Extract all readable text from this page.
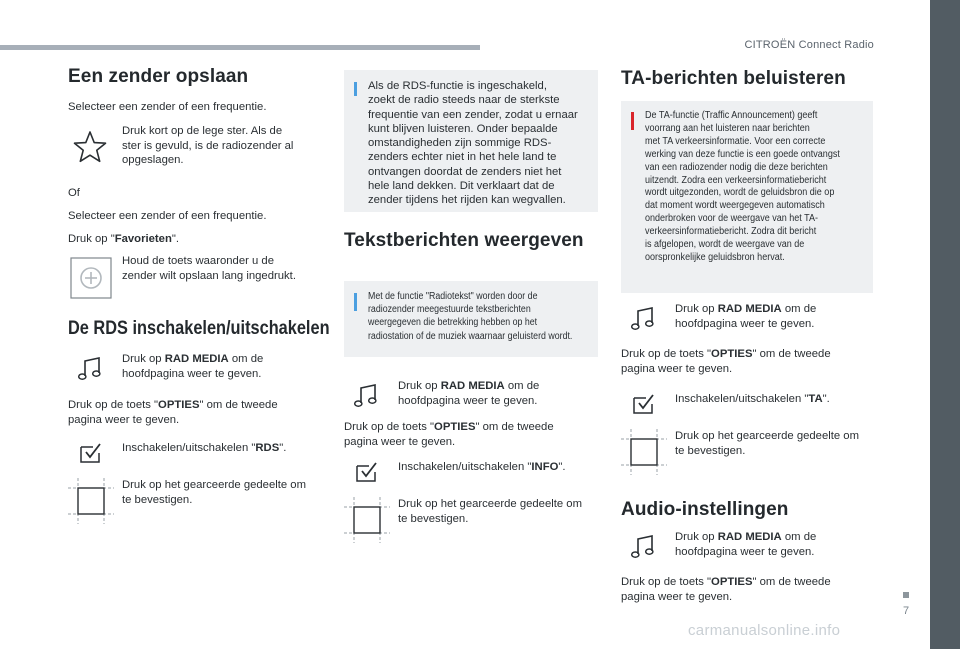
CITROËN Connect Radio
7
carmanualsonline.info
Een zender opslaan
Selecteer een zender of een frequentie.
Druk kort op de lege ster. Als de
ster is gevuld, is de radiozender al
opgeslagen.
Of
Selecteer een zender of een frequentie.
Druk op "Favorieten".
Houd de toets waaronder u de
zender wilt opslaan lang ingedrukt.
De RDS inschakelen/uitschakelen
Druk op RAD MEDIA om de
hoofdpagina weer te geven.
Druk op de toets "OPTIES" om de tweede
pagina weer te geven.
Inschakelen/uitschakelen "RDS".
Druk op het gearceerde gedeelte om
te bevestigen.
Als de RDS-functie is ingeschakeld,
zoekt de radio steeds naar de sterkste
frequentie van een zender, zodat u ernaar
kunt blijven luisteren. Onder bepaalde
omstandigheden zijn sommige RDS-
zenders echter niet in het hele land te
ontvangen doordat de zenders niet het
hele land dekken. Dit verklaart dat de
zender tijdens het rijden kan wegvallen.
Tekstberichten weergeven
Met de functie "Radiotekst" worden door de
radiozender meegestuurde tekstberichten
weergegeven die betrekking hebben op het
radiostation of de muziek waarnaar geluisterd wordt.
Druk op RAD MEDIA om de
hoofdpagina weer te geven.
Druk op de toets "OPTIES" om de tweede
pagina weer te geven.
Inschakelen/uitschakelen "INFO".
Druk op het gearceerde gedeelte om
te bevestigen.
TA-berichten beluisteren
De TA-functie (Traffic Announcement) geeft
voorrang aan het luisteren naar berichten
met TA verkeersinformatie. Voor een correcte
werking van deze functie is een goede ontvangst
van een radiozender nodig die deze berichten
uitzendt. Zodra een verkeersinformatiebericht
wordt uitgezonden, wordt de geluidsbron die op
dat moment wordt weergegeven automatisch
onderbroken voor de weergave van het TA-
verkeersinformatiebericht. Zodra dit bericht
is afgelopen, wordt de weergave van de
oorspronkelijke geluidsbron hervat.
Druk op RAD MEDIA om de
hoofdpagina weer te geven.
Druk op de toets "OPTIES" om de tweede
pagina weer te geven.
Inschakelen/uitschakelen "TA".
Druk op het gearceerde gedeelte om
te bevestigen.
Audio-instellingen
Druk op RAD MEDIA om de
hoofdpagina weer te geven.
Druk op de toets "OPTIES" om de tweede
pagina weer te geven.
